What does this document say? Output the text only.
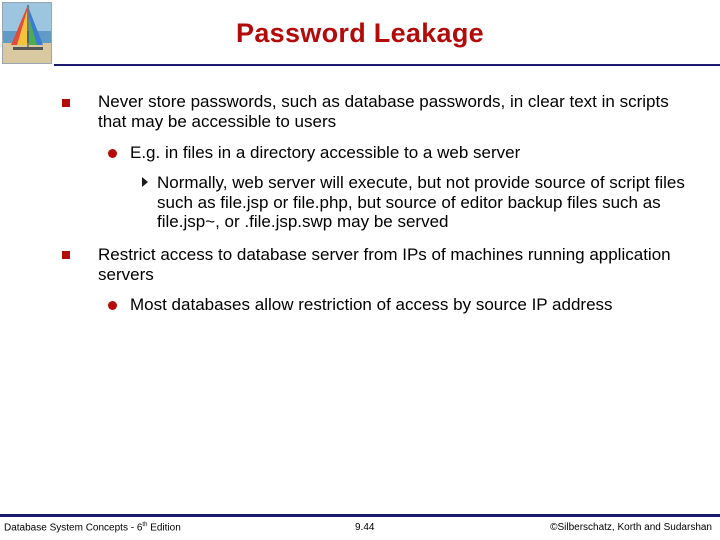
Password Leakage
Never store passwords, such as database passwords, in clear text in scripts that may be accessible to users
E.g. in files in a directory accessible to a web server
Normally, web server will execute, but not provide source of script files such as file.jsp or file.php, but source of editor backup files such as file.jsp~, or .file.jsp.swp may be served
Restrict access to database server from IPs of machines running application servers
Most databases allow restriction of access by source IP address
Database System Concepts - 6th Edition	9.44	©Silberschatz, Korth and Sudarshan
